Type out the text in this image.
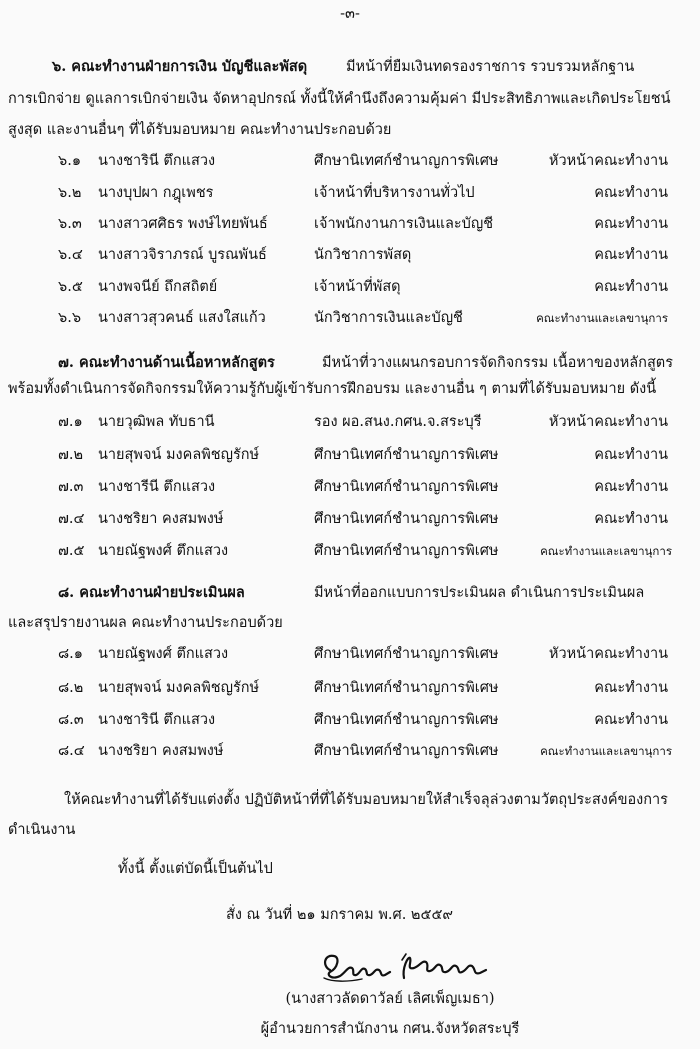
-๓-
๖. คณะทำงานฝ่ายการเงิน บัญชีและพัสดุ	มีหน้าที่ยืมเงินทดรองราชการ รวบรวมหลักฐาน
การเบิกจ่าย ดูแลการเบิกจ่ายเงิน จัดหาอุปกรณ์ ทั้งนี้ให้คำนึงถึงความคุ้มค่า มีประสิทธิภาพและเกิดประโยชน์
สูงสุด และงานอื่นๆ ที่ได้รับมอบหมาย คณะทำงานประกอบด้วย
๖.๑ นางชารินี ตึกแสวง	ศึกษานิเทศก์ชำนาญการพิเศษ	หัวหน้าคณะทำงาน
๖.๒ นางบุปผา กฎุเพชร	เจ้าหน้าที่บริหารงานทั่วไป	คณะทำงาน
๖.๓ นางสาวศศิธร พงษ์ไทยพันธ์	เจ้าพนักงานการเงินและบัญชี	คณะทำงาน
๖.๔ นางสาวจิราภรณ์ บูรณพันธ์	นักวิชาการพัสดุ	คณะทำงาน
๖.๕ นางพจนีย์ ถึกสถิตย์	เจ้าหน้าที่พัสดุ	คณะทำงาน
๖.๖ นางสาวสุวคนธ์ แสงใสแก้ว	นักวิชาการเงินและบัญชี	คณะทำงานและเลขานุการ
๗. คณะทำงานด้านเนื้อหาหลักสูตร	มีหน้าที่วางแผนกรอบการจัดกิจกรรม เนื้อหาของหลักสูตร
พร้อมทั้งดำเนินการจัดกิจกรรมให้ความรู้กับผู้เข้ารับการฝึกอบรม และงานอื่น ๆ ตามที่ได้รับมอบหมาย ดังนี้
๗.๑ นายวุฒิพล ทับธานี	รอง ผอ.สนง.กศน.จ.สระบุรี	หัวหน้าคณะทำงาน
๗.๒ นายสุพจน์ มงคลพิชญรักษ์	ศึกษานิเทศก์ชำนาญการพิเศษ	คณะทำงาน
๗.๓ นางชารีนี ตึกแสวง	ศึกษานิเทศก์ชำนาญการพิเศษ	คณะทำงาน
๗.๔ นางชริยา คงสมพงษ์	ศึกษานิเทศก์ชำนาญการพิเศษ	คณะทำงาน
๗.๕ นายณัฐพงศ์ ตึกแสวง	ศึกษานิเทศก์ชำนาญการพิเศษ	คณะทำงานและเลขานุการ
๘. คณะทำงานฝ่ายประเมินผล	มีหน้าที่ออกแบบการประเมินผล ดำเนินการประเมินผล
และสรุปรายงานผล คณะทำงานประกอบด้วย
๘.๑ นายณัฐพงศ์ ตึกแสวง	ศึกษานิเทศก์ชำนาญการพิเศษ	หัวหน้าคณะทำงาน
๘.๒ นายสุพจน์ มงคลพิชญรักษ์	ศึกษานิเทศก์ชำนาญการพิเศษ	คณะทำงาน
๘.๓ นางชารินี ตึกแสวง	ศึกษานิเทศก์ชำนาญการพิเศษ	คณะทำงาน
๘.๔ นางชริยา คงสมพงษ์	ศึกษานิเทศก์ชำนาญการพิเศษ	คณะทำงานและเลขานุการ
ให้คณะทำงานที่ได้รับแต่งตั้ง ปฏิบัติหน้าที่ที่ได้รับมอบหมายให้สำเร็จลุล่วงตามวัตถุประสงค์ของการ
ดำเนินงาน
ทั้งนี้ ตั้งแต่บัดนี้เป็นต้นไป
สั่ง ณ วันที่ ๒๑ มกราคม พ.ศ. ๒๕๕๙
(นางสาวลัดดาวัลย์ เลิศเพ็ญเมธา)
ผู้อำนวยการสำนักงาน กศน.จังหวัดสระบุรี
